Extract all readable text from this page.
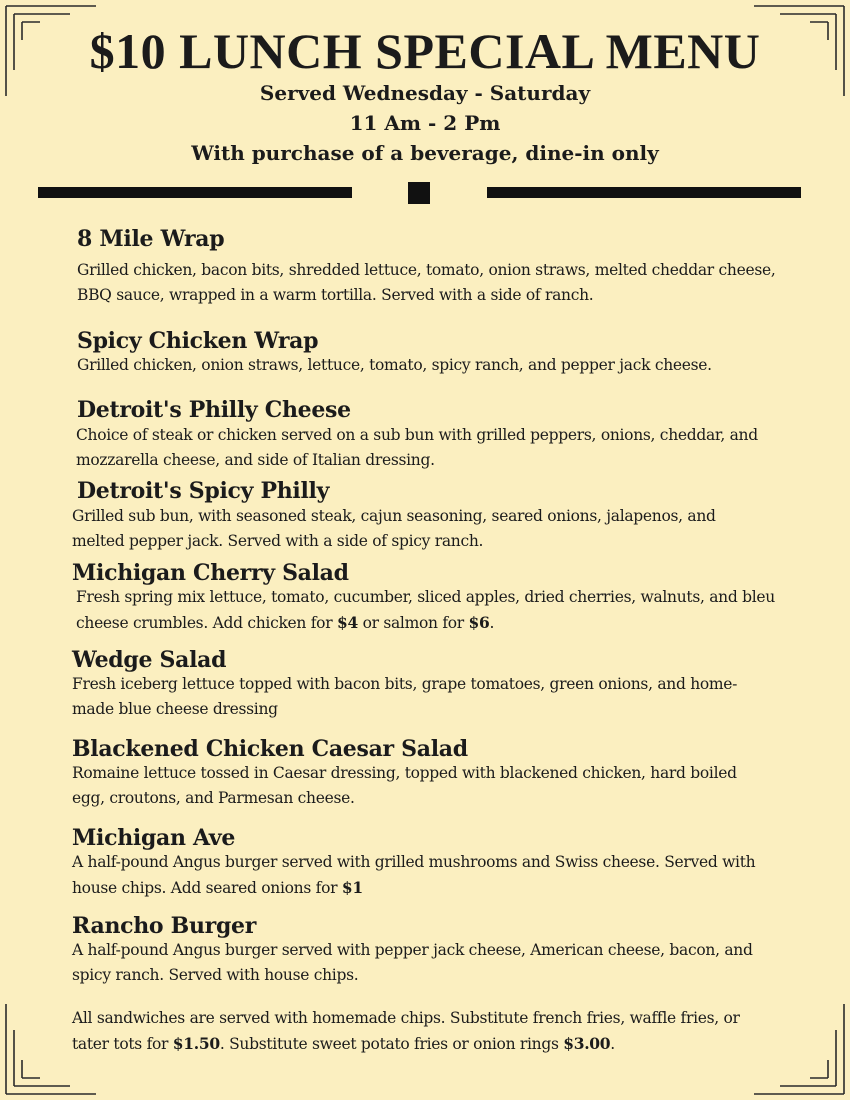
$10 LUNCH SPECIAL MENU
Served Wednesday - Saturday
11 Am - 2 Pm
With purchase of a beverage, dine-in only
8 Mile Wrap
Grilled chicken, bacon bits, shredded lettuce, tomato, onion straws, melted cheddar cheese, BBQ sauce, wrapped in a warm tortilla. Served with a side of ranch.
Spicy Chicken Wrap
Grilled chicken, onion straws, lettuce, tomato, spicy ranch, and pepper jack cheese.
Detroit's Philly Cheese
Choice of steak or chicken served on a sub bun with grilled peppers, onions, cheddar, and mozzarella cheese, and side of Italian dressing.
Detroit's Spicy Philly
Grilled sub bun, with seasoned steak, cajun seasoning, seared onions, jalapenos, and melted pepper jack. Served with a side of spicy ranch.
Michigan Cherry Salad
Fresh spring mix lettuce, tomato, cucumber, sliced apples, dried cherries, walnuts, and bleu cheese crumbles. Add chicken for $4 or salmon for $6.
Wedge Salad
Fresh iceberg lettuce topped with bacon bits, grape tomatoes, green onions, and home-made blue cheese dressing
Blackened Chicken Caesar Salad
Romaine lettuce tossed in Caesar dressing, topped with blackened chicken, hard boiled egg, croutons, and Parmesan cheese.
Michigan Ave
A half-pound Angus burger served with grilled mushrooms and Swiss cheese. Served with house chips. Add seared onions for $1
Rancho Burger
A half-pound Angus burger served with pepper jack cheese, American cheese, bacon, and spicy ranch. Served with house chips.
All sandwiches are served with homemade chips. Substitute french fries, waffle fries, or tater tots for $1.50. Substitute sweet potato fries or onion rings $3.00.
